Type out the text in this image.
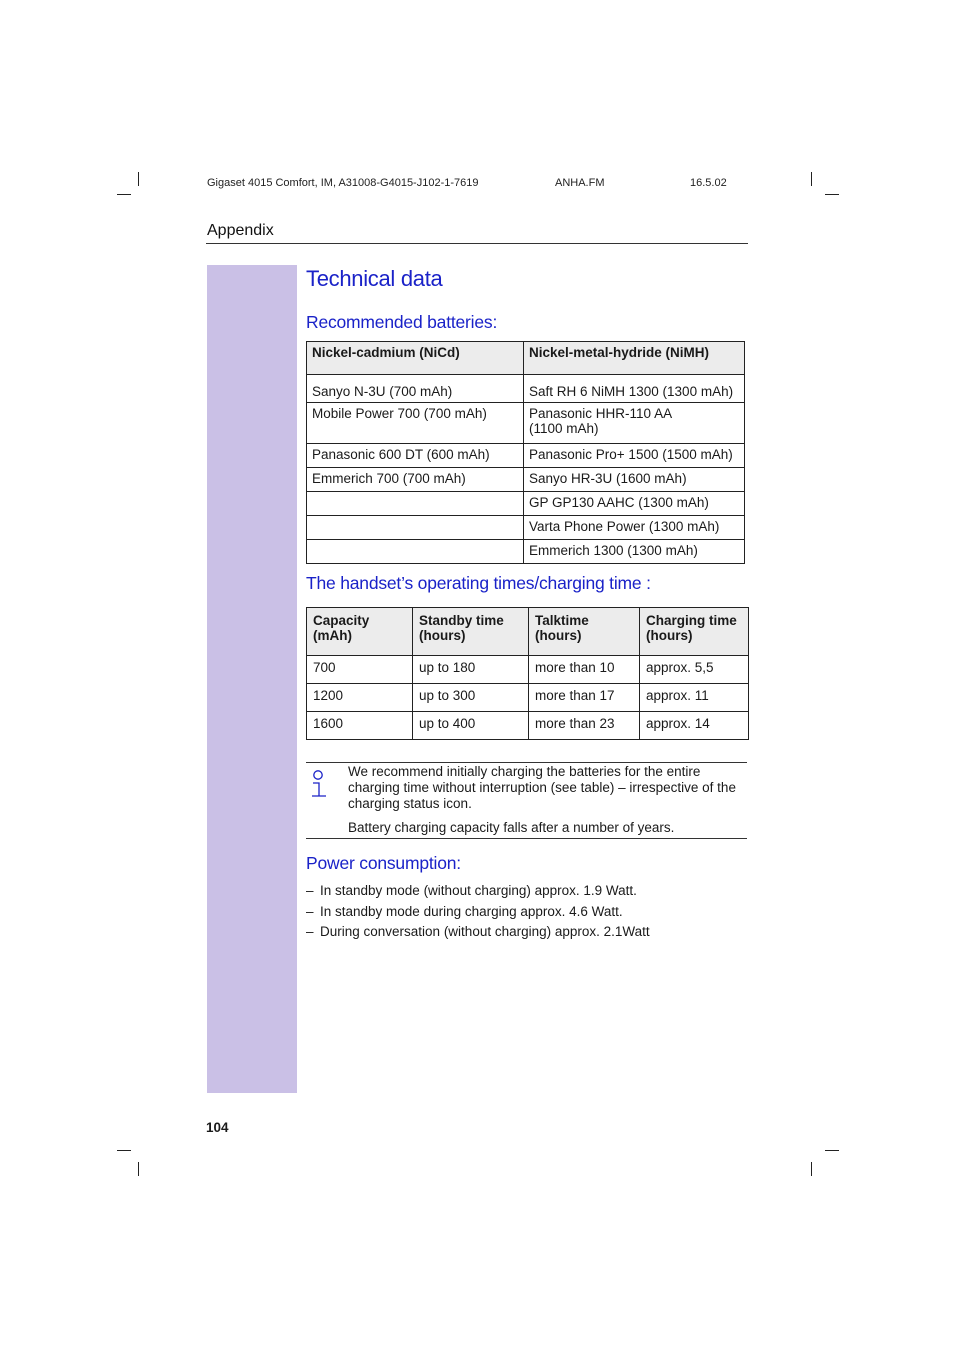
Gigaset 4015 Comfort, IM, A31008-G4015-J102-1-7619	ANHA.FM	16.5.02
Appendix
Technical data
Recommended batteries:
Nickel-cadmium (NiCd)	Nickel-metal-hydride (NiMH)
Sanyo N-3U (700 mAh)	Saft RH 6 NiMH 1300 (1300 mAh)
Mobile Power 700 (700 mAh)	Panasonic HHR-110 AA (1100 mAh)
Panasonic 600 DT (600 mAh)	Panasonic Pro+ 1500 (1500 mAh)
Emmerich 700 (700 mAh)	Sanyo HR-3U (1600 mAh)
	GP GP130 AAHC (1300 mAh)
	Varta Phone Power (1300 mAh)
	Emmerich 1300 (1300 mAh)
The handset’s operating times/charging time :
Capacity (mAh)	Standby time (hours)	Talktime (hours)	Charging time (hours)
700	up to 180	more than 10	approx. 5,5
1200	up to 300	more than 17	approx. 11
1600	up to 400	more than 23	approx. 14
We recommend initially charging the batteries for the entire charging time without interruption (see table) – irrespective of the charging status icon.
Battery charging capacity falls after a number of years.
Power consumption:
– In standby mode (without charging) approx. 1.9 Watt.
– In standby mode during charging approx. 4.6 Watt.
– During conversation (without charging) approx. 2.1Watt
104
